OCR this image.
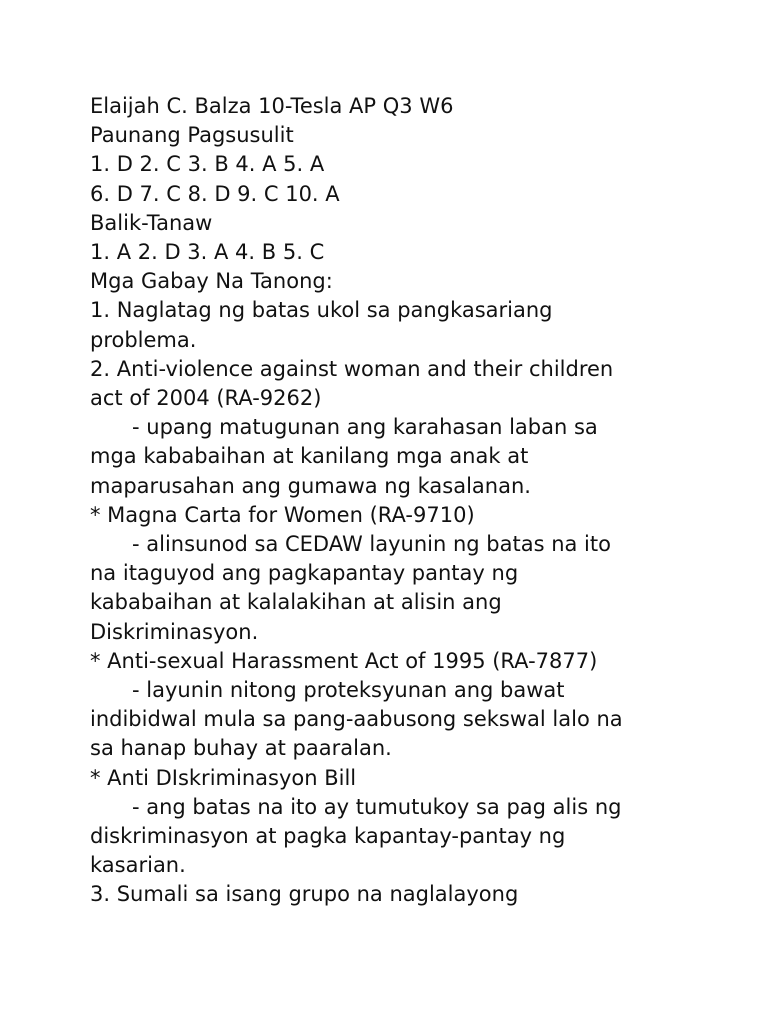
Elaijah C. Balza 10-Tesla AP Q3 W6
Paunang Pagsusulit
1. D 2. C 3. B 4. A 5. A
6. D 7. C 8. D 9. C 10. A
Balik-Tanaw
1. A 2. D 3. A 4. B 5. C
Mga Gabay Na Tanong:
1. Naglatag ng batas ukol sa pangkasariang
problema.
2. Anti-violence against woman and their children
act of 2004 (RA-9262)
- upang matugunan ang karahasan laban sa
mga kababaihan at kanilang mga anak at
maparusahan ang gumawa ng kasalanan.
* Magna Carta for Women (RA-9710)
- alinsunod sa CEDAW layunin ng batas na ito
na itaguyod ang pagkapantay pantay ng
kababaihan at kalalakihan at alisin ang
Diskriminasyon.
* Anti-sexual Harassment Act of 1995 (RA-7877)
- layunin nitong proteksyunan ang bawat
indibidwal mula sa pang-aabusong sekswal lalo na
sa hanap buhay at paaralan.
* Anti DIskriminasyon Bill
- ang batas na ito ay tumutukoy sa pag alis ng
diskriminasyon at pagka kapantay-pantay ng
kasarian.
3. Sumali sa isang grupo na naglalayong
